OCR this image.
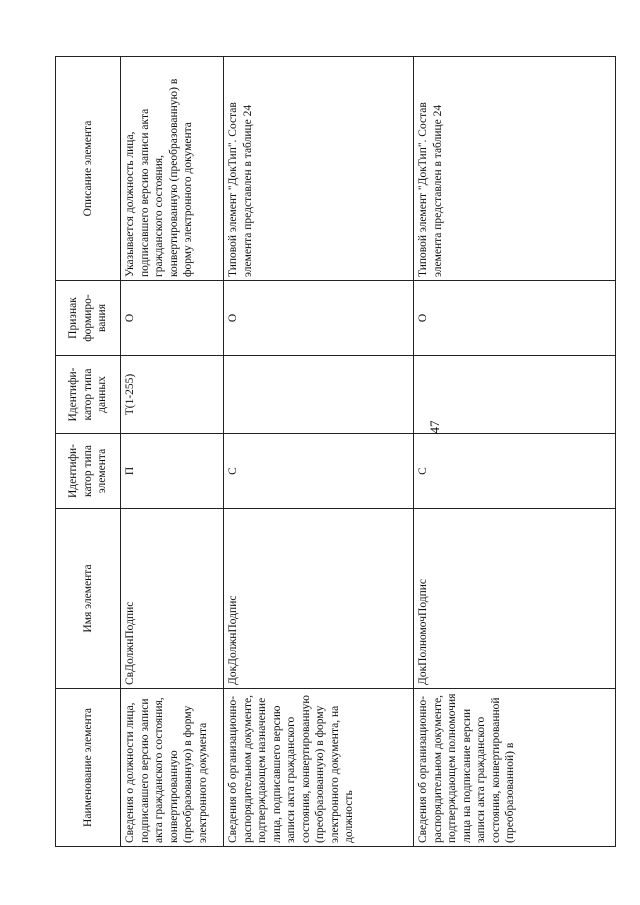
47
Наименование элемента	Имя элемента	Идентифи-катор типа элемента	Идентифи-катор типа данных	Признак формиро-вания	Описание элемента
Сведения о должности лица, подписавшего версию записи акта гражданского состояния, конвертированную (преобразованную) в форму электронного документа	СвДолжнПодпис	П	T(1-255)	О	Указывается должность лица, подписавшего версию записи акта гражданского состояния, конвертированную (преобразованную) в форму электронного документа
Сведения об организационно-распорядительном документе, подтверждающем назначение лица, подписавшего версию записи акта гражданского состояния, конвертированную (преобразованную) в форму электронного документа, на должность	ДокДолжнПодпис	С		О	Типовой элемент "ДокТип". Состав элемента представлен в таблице 24
Сведения об организационно-распорядительном документе, подтверждающем полномочия лица на подписание версии записи акта гражданского состояния, конвертированной (преобразованной) в	ДокПолномочПодпис	С		О	Типовой элемент "ДокТип". Состав элемента представлен в таблице 24
